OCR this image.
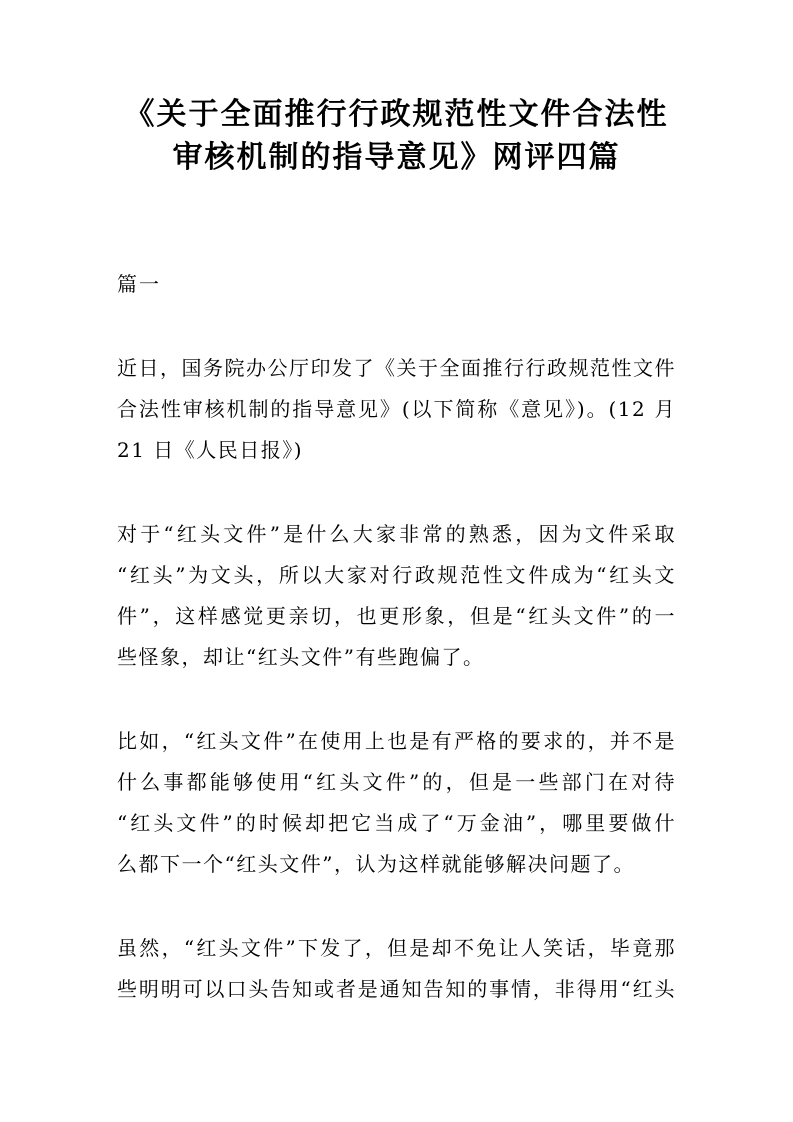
《关于全面推行行政规范性文件合法性
审核机制的指导意见》网评四篇
篇一
近日，国务院办公厅印发了《关于全面推行行政规范性文件
合法性审核机制的指导意见》(以下简称《意见》)。(12 月
21 日《人民日报》)
对于“红头文件”是什么大家非常的熟悉，因为文件采取
“红头”为文头，所以大家对行政规范性文件成为“红头文
件”，这样感觉更亲切，也更形象，但是“红头文件”的一
些怪象，却让“红头文件”有些跑偏了。
比如，“红头文件”在使用上也是有严格的要求的，并不是
什么事都能够使用“红头文件”的，但是一些部门在对待
“红头文件”的时候却把它当成了“万金油”，哪里要做什
么都下一个“红头文件”，认为这样就能够解决问题了。
虽然，“红头文件”下发了，但是却不免让人笑话，毕竟那
些明明可以口头告知或者是通知告知的事情，非得用“红头
